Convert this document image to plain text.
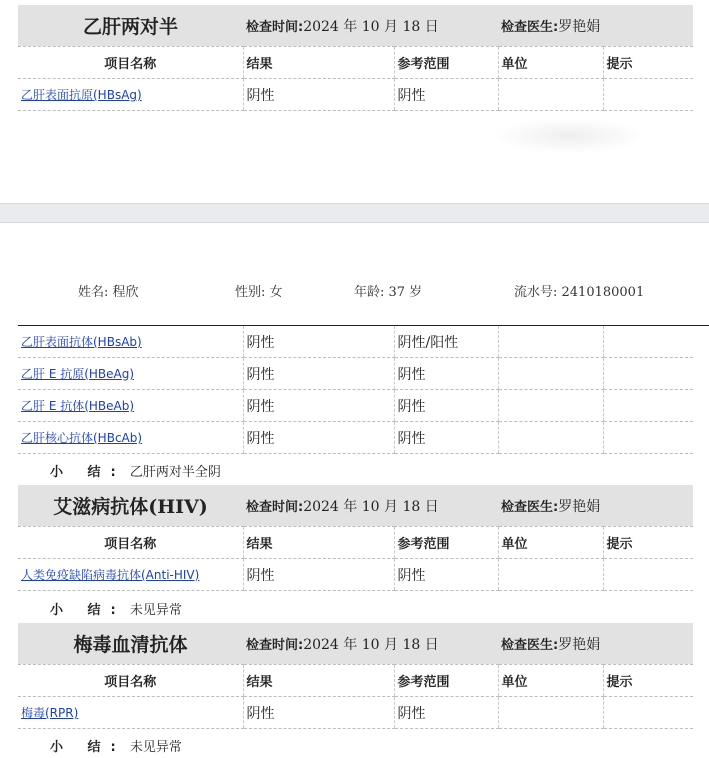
乙肝两对半	检查时间:2024 年 10 月 18 日		检查医生:罗艳娟	
项目名称	结果	参考范围	单位	提示
乙肝表面抗原(HBsAg)	阴性	阴性		
姓名: 程欣	性别: 女	年龄: 37 岁	流水号: 2410180001
乙肝表面抗体(HBsAb)	阴性	阴性/阳性		
乙肝 E 抗原(HBeAg)	阴性	阴性		
乙肝 E 抗体(HBeAb)	阴性	阴性		
乙肝核心抗体(HBcAb)	阴性	阴性		
小 结: 乙肝两对半全阴
艾滋病抗体(HIV)	检查时间:2024 年 10 月 18 日		检查医生:罗艳娟	
项目名称	结果	参考范围	单位	提示
人类免疫缺陷病毒抗体(Anti-HIV)	阴性	阴性		
小 结: 未见异常
梅毒血清抗体	检查时间:2024 年 10 月 18 日		检查医生:罗艳娟	
项目名称	结果	参考范围	单位	提示
梅毒(RPR)	阴性	阴性		
小 结: 未见异常
